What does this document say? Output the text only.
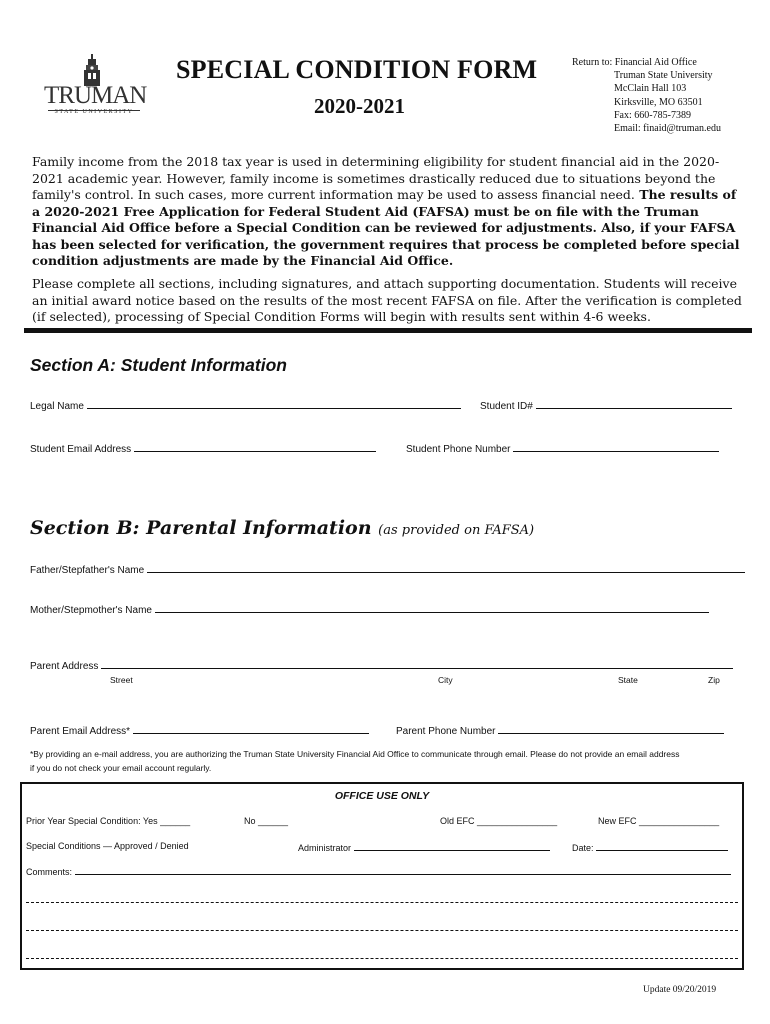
TRUMAN
STATE UNIVERSITY
SPECIAL CONDITION FORM
2020-2021
Return to: Financial Aid Office
Truman State University
McClain Hall 103
Kirksville, MO 63501
Fax: 660-785-7389
Email: finaid@truman.edu
Family income from the 2018 tax year is used in determining eligibility for student financial aid in the 2020-2021 academic year. However, family income is sometimes drastically reduced due to situations beyond the family's control. In such cases, more current information may be used to assess financial need. The results of a 2020-2021 Free Application for Federal Student Aid (FAFSA) must be on file with the Truman Financial Aid Office before a Special Condition can be reviewed for adjustments. Also, if your FAFSA has been selected for verification, the government requires that process be completed before special condition adjustments are made by the Financial Aid Office.
Please complete all sections, including signatures, and attach supporting documentation. Students will receive an initial award notice based on the results of the most recent FAFSA on file. After the verification is completed (if selected), processing of Special Condition Forms will begin with results sent within 4-6 weeks.
Section A: Student Information
Legal Name	Student ID#
Student Email Address	Student Phone Number
Section B: Parental Information (as provided on FAFSA)
Father/Stepfather's Name
Mother/Stepmother's Name
Parent Address
Street	City	State	Zip
Parent Email Address*	Parent Phone Number
*By providing an e-mail address, you are authorizing the Truman State University Financial Aid Office to communicate through email. Please do not provide an email address
if you do not check your email account regularly.
OFFICE USE ONLY
Prior Year Special Condition: Yes ______	No ______	Old EFC ________________	New EFC ________________
Special Conditions — Approved / Denied	Administrator	Date:
Comments:
Update 09/20/2019
